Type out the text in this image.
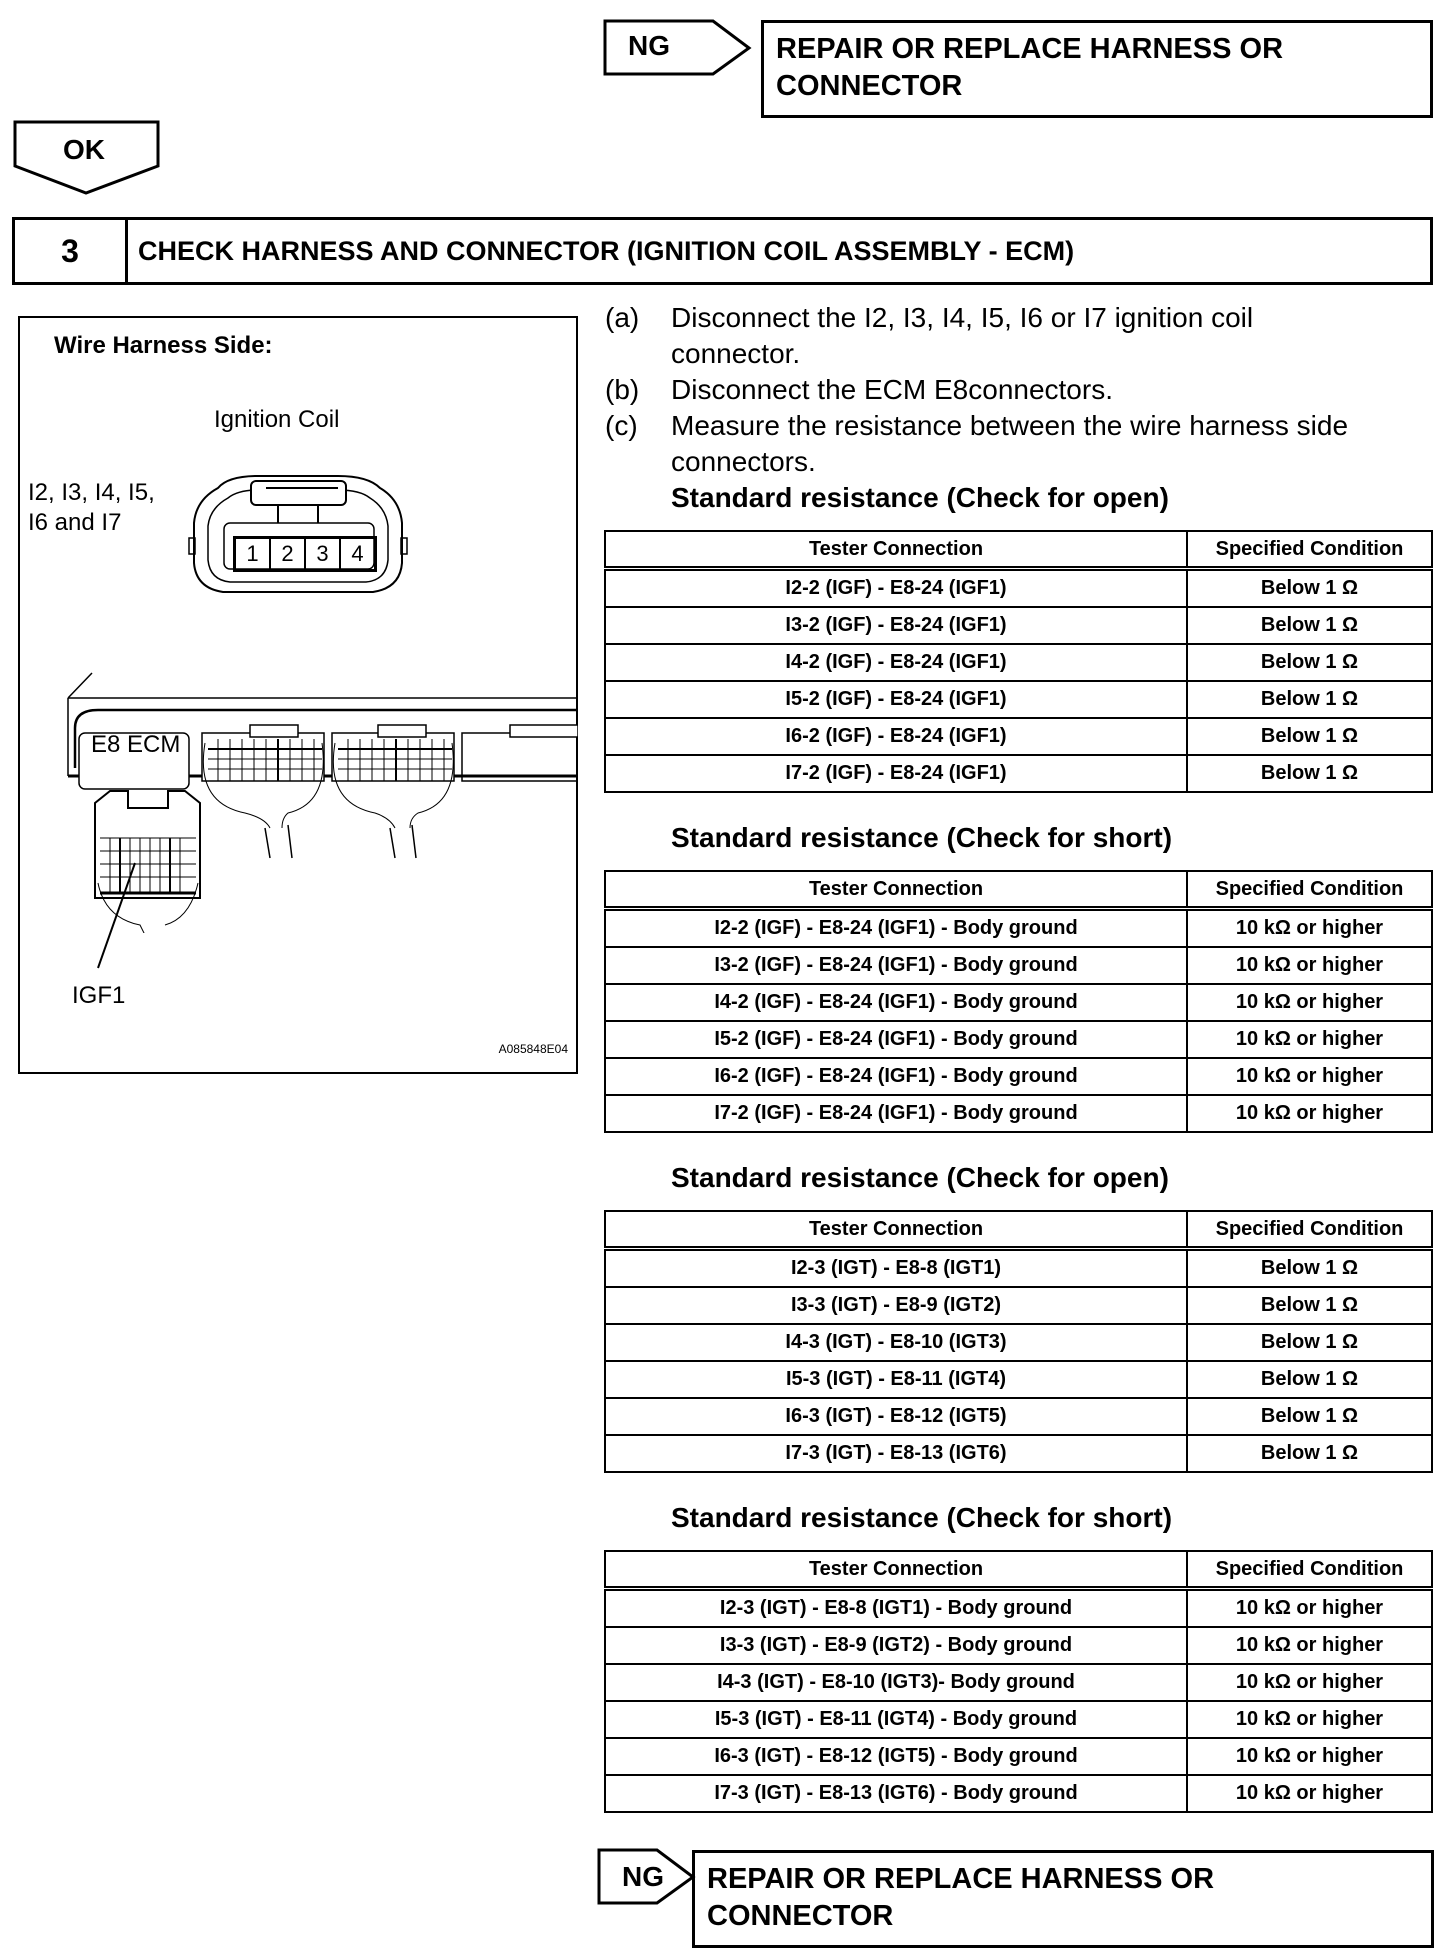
NG	REPAIR OR REPLACE HARNESS OR
CONNECTOR
OK
3	CHECK HARNESS AND CONNECTOR (IGNITION COIL ASSEMBLY - ECM)
Wire Harness Side:
Ignition Coil
I2, I3, I4, I5,
I6 and I7
1	2	3	4
IGF1
E8 ECM
A085848E04
(a) Disconnect the I2, I3, I4, I5, I6 or I7 ignition coil
connector.
(b) Disconnect the ECM E8connectors.
(c) Measure the resistance between the wire harness side
connectors.
Standard resistance (Check for open)
Tester Connection	Specified Condition
I2-2 (IGF) - E8-24 (IGF1)	Below 1 Ω
I3-2 (IGF) - E8-24 (IGF1)	Below 1 Ω
I4-2 (IGF) - E8-24 (IGF1)	Below 1 Ω
I5-2 (IGF) - E8-24 (IGF1)	Below 1 Ω
I6-2 (IGF) - E8-24 (IGF1)	Below 1 Ω
I7-2 (IGF) - E8-24 (IGF1)	Below 1 Ω
Standard resistance (Check for short)
Tester Connection	Specified Condition
I2-2 (IGF) - E8-24 (IGF1) - Body ground	10 kΩ or higher
I3-2 (IGF) - E8-24 (IGF1) - Body ground	10 kΩ or higher
I4-2 (IGF) - E8-24 (IGF1) - Body ground	10 kΩ or higher
I5-2 (IGF) - E8-24 (IGF1) - Body ground	10 kΩ or higher
I6-2 (IGF) - E8-24 (IGF1) - Body ground	10 kΩ or higher
I7-2 (IGF) - E8-24 (IGF1) - Body ground	10 kΩ or higher
Standard resistance (Check for open)
Tester Connection	Specified Condition
I2-3 (IGT) - E8-8 (IGT1)	Below 1 Ω
I3-3 (IGT) - E8-9 (IGT2)	Below 1 Ω
I4-3 (IGT) - E8-10 (IGT3)	Below 1 Ω
I5-3 (IGT) - E8-11 (IGT4)	Below 1 Ω
I6-3 (IGT) - E8-12 (IGT5)	Below 1 Ω
I7-3 (IGT) - E8-13 (IGT6)	Below 1 Ω
Standard resistance (Check for short)
Tester Connection	Specified Condition
I2-3 (IGT) - E8-8 (IGT1) - Body ground	10 kΩ or higher
I3-3 (IGT) - E8-9 (IGT2) - Body ground	10 kΩ or higher
I4-3 (IGT) - E8-10 (IGT3)- Body ground	10 kΩ or higher
I5-3 (IGT) - E8-11 (IGT4) - Body ground	10 kΩ or higher
I6-3 (IGT) - E8-12 (IGT5) - Body ground	10 kΩ or higher
I7-3 (IGT) - E8-13 (IGT6) - Body ground	10 kΩ or higher
NG REPAIR OR REPLACE HARNESS OR
CONNECTOR
